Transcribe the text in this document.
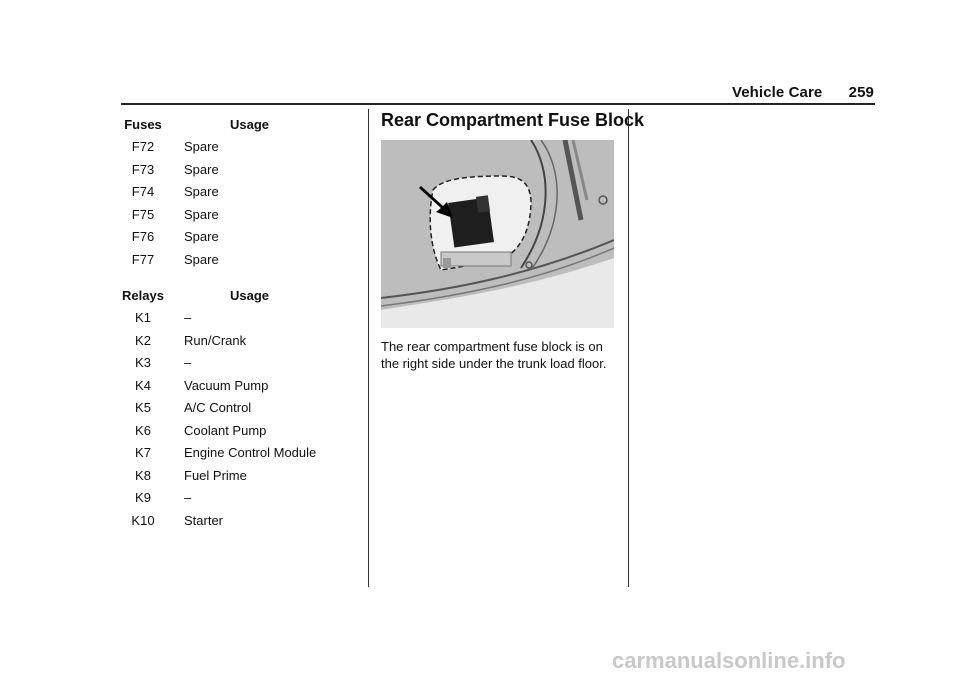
Vehicle Care 259
Fuses	Usage
F72	Spare
F73	Spare
F74	Spare
F75	Spare
F76	Spare
F77	Spare
Relays	Usage
K1	–
K2	Run/Crank
K3	–
K4	Vacuum Pump
K5	A/C Control
K6	Coolant Pump
K7	Engine Control Module
K8	Fuel Prime
K9	–
K10	Starter
Rear Compartment Fuse Block
The rear compartment fuse block is on the right side under the trunk load floor.
carmanualsonline.info
